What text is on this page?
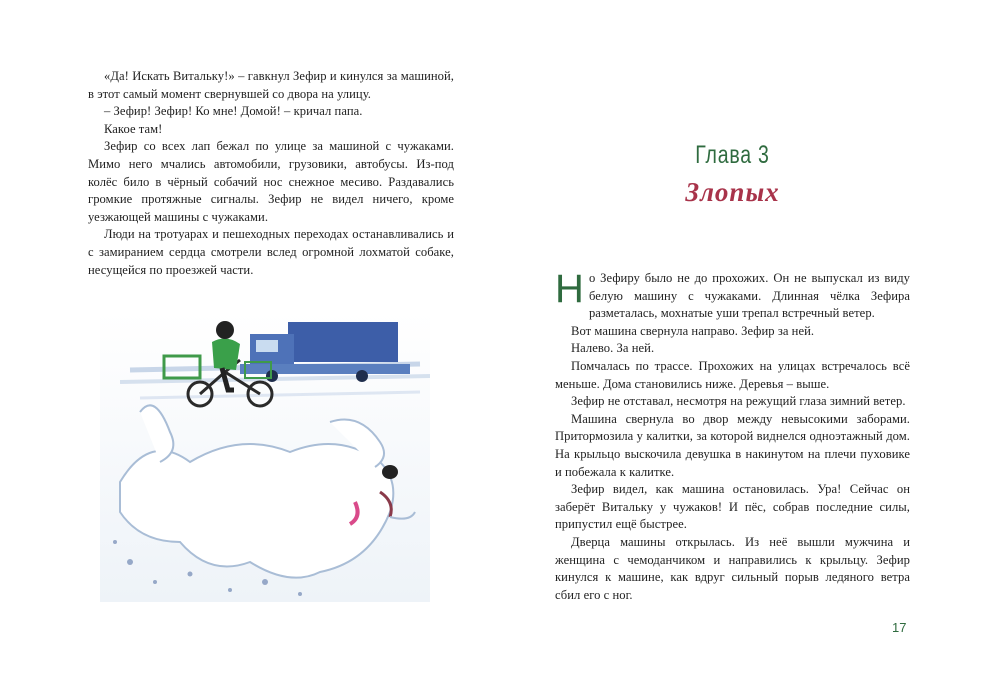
«Да! Искать Витальку!» – гавкнул Зефир и кинулся за машиной, в этот самый момент свернувшей со двора на улицу.

– Зефир! Зефир! Ко мне! Домой! – кричал папа.

Какое там!

Зефир со всех лап бежал по улице за машиной с чужаками. Мимо него мчались автомобили, грузовики, автобусы. Из-под колёс било в чёрный собачий нос снежное месиво. Раздавались громкие протяжные сигналы. Зефир не видел ничего, кроме уезжающей машины с чужаками.

Люди на тротуарах и пешеходных переходах останавливались и с замиранием сердца смотрели вслед огромной лохматой собаке, несущейся по проезжей части.

Глава 3
Злопых

Но Зефиру было не до прохожих. Он не выпускал из виду белую машину с чужаками. Длинная чёлка Зефира разметалась, мохнатые уши трепал встречный ветер.

Вот машина свернула направо. Зефир за ней.

Налево. За ней.

Помчалась по трассе. Прохожих на улицах встречалось всё меньше. Дома становились ниже. Деревья – выше.

Зефир не отставал, несмотря на режущий глаза зимний ветер.

Машина свернула во двор между невысокими заборами. Притормозила у калитки, за которой виднелся одноэтажный дом. На крыльцо выскочила девушка в накинутом на плечи пуховике и побежала к калитке.

Зефир видел, как машина остановилась. Ура! Сейчас он заберёт Витальку у чужаков! И пёс, собрав последние силы, припустил ещё быстрее.

Дверца машины открылась. Из неё вышли мужчина и женщина с чемоданчиком и направились к крыльцу. Зефир кинулся к машине, как вдруг сильный порыв ледяного ветра сбил его с ног.

17
